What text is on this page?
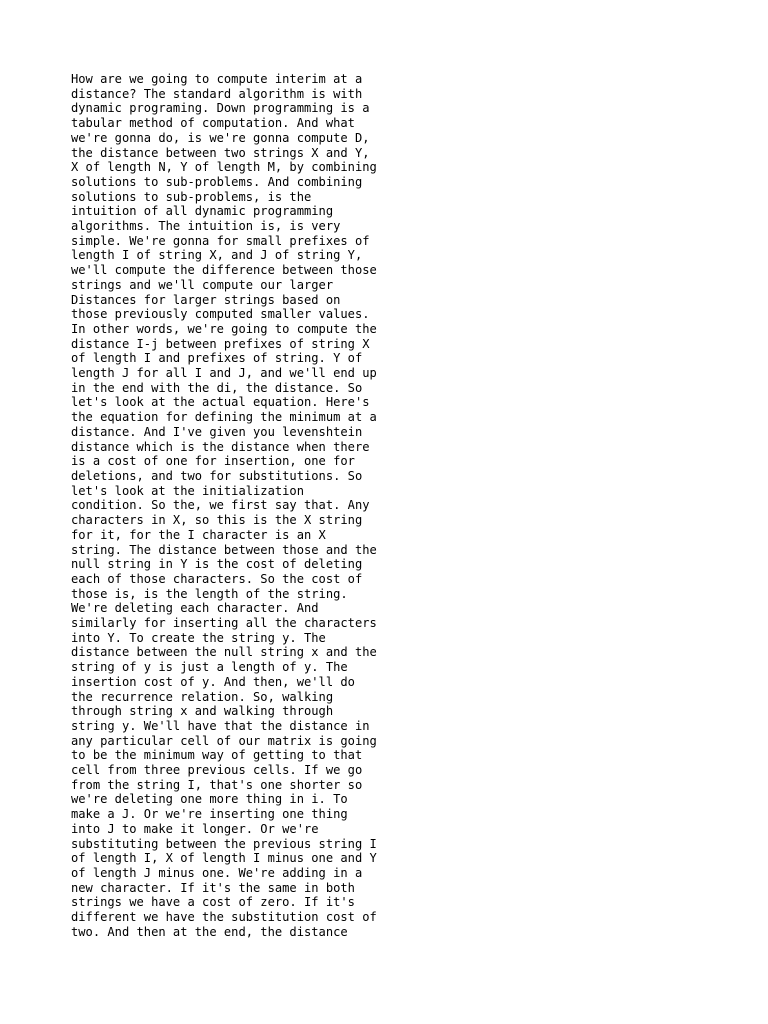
How are we going to compute interim at a
distance? The standard algorithm is with
dynamic programing. Down programming is a
tabular method of computation. And what
we're gonna do, is we're gonna compute D,
the distance between two strings X and Y,
X of length N, Y of length M, by combining
solutions to sub-problems. And combining
solutions to sub-problems, is the
intuition of all dynamic programming
algorithms. The intuition is, is very
simple. We're gonna for small prefixes of
length I of string X, and J of string Y,
we'll compute the difference between those
strings and we'll compute our larger
Distances for larger strings based on
those previously computed smaller values.
In other words, we're going to compute the
distance I-j between prefixes of string X
of length I and prefixes of string. Y of
length J for all I and J, and we'll end up
in the end with the di, the distance. So
let's look at the actual equation. Here's
the equation for defining the minimum at a
distance. And I've given you levenshtein
distance which is the distance when there
is a cost of one for insertion, one for
deletions, and two for substitutions. So
let's look at the initialization
condition. So the, we first say that. Any
characters in X, so this is the X string
for it, for the I character is an X
string. The distance between those and the
null string in Y is the cost of deleting
each of those characters. So the cost of
those is, is the length of the string.
We're deleting each character. And
similarly for inserting all the characters
into Y. To create the string y. The
distance between the null string x and the
string of y is just a length of y. The
insertion cost of y. And then, we'll do
the recurrence relation. So, walking
through string x and walking through
string y. We'll have that the distance in
any particular cell of our matrix is going
to be the minimum way of getting to that
cell from three previous cells. If we go
from the string I, that's one shorter so
we're deleting one more thing in i. To
make a J. Or we're inserting one thing
into J to make it longer. Or we're
substituting between the previous string I
of length I, X of length I minus one and Y
of length J minus one. We're adding in a
new character. If it's the same in both
strings we have a cost of zero. If it's
different we have the substitution cost of
two. And then at the end, the distance
